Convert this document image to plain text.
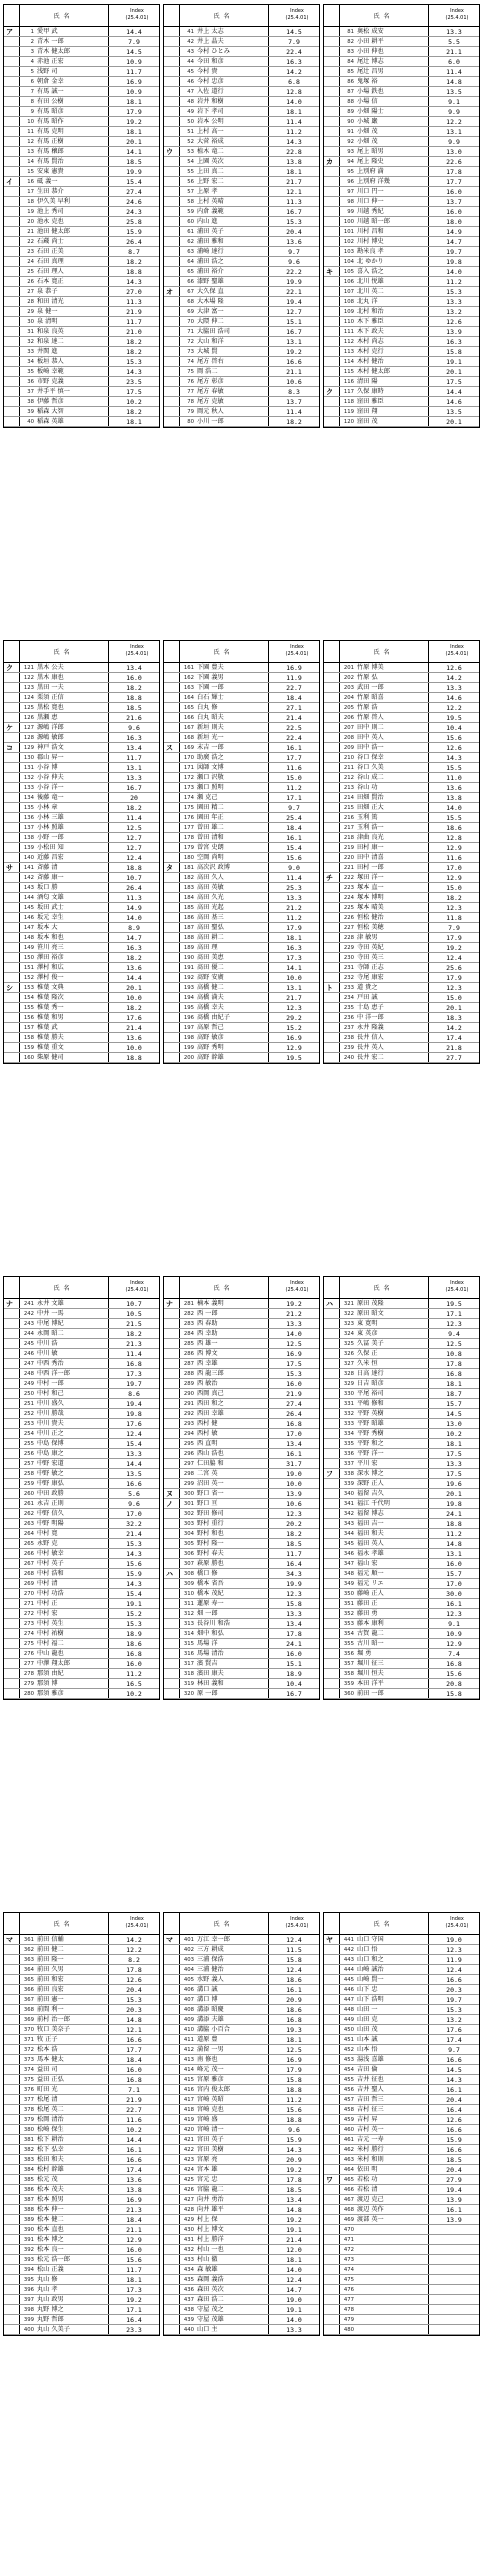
氏 名
Index
(25.4.01)
ア	1 愛甲 武	14.4
2 青木 一郎	7.9
3 青木 健太郎	14.5
4 赤池 正宏	10.9
5 浅野 司	11.7
6 朝倉 金幸	16.9
7 有馬 誠一	10.9
8 有田 公樹	18.1
9 有馬 昭彦	17.9
10 有馬 昭作	19.2
11 有馬 克明	18.1
12 有馬 正樹	20.1
13 有馬 穣郎	14.1
14 有馬 賢治	18.5
15 安東 憲貴	19.9
イ	16 砥 義一	15.4
17 生田 恭介	27.4
18 伊久美 早利	24.6
19 池上 秀司	24.3
20 池永 克也	25.8
21 池田 健太郎	15.9
22 石蔵 尚士	26.4
23 石田 正美	8.7
24 石田 真理	18.2
25 石田 理人	18.8
26 石本 寛正	14.3
27 泉 恭子	27.0
28 和田 清光	11.3
29 泉 健一	21.9
30 泉 清明	11.7
31 和泉 良英	21.0
32 和泉 達二	18.2
33 井関 進	18.2
34 板垣 恭人	15.3
35 板崎 幸範	14.3
36 市野 克義	23.5
37 井手平 慎一	17.5
38 伊藤 哲彦	10.2
39 稲森 大智	18.2
40 稲森 英雄	18.1
氏 名
Index
(25.4.01)
41 井上 太志	14.5
42 井上 晶夫	7.9
43 今村 ひとみ	22.4
44 今田 和彦	16.3
45 今村 貴	14.2
46 今村 忠彦	6.8
47 入佐 道行	12.8
48 岩井 和樹	14.0
49 岩下 孝司	18.1
50 岩本 公明	11.4
51 上村 高一	11.2
52 大菅 裕成	14.3
ウ	53 植木 竜二	22.8
54 上園 英次	13.8
55 上田 真二	18.1
56 上野 宏二	21.7
57 上原 孝	12.1
58 上村 英晴	11.3
59 内倉 義範	16.7
60 内山 進	15.3
61 浦田 英子	20.4
62 浦田 雅和	13.6
63 浦崎 達行	9.7
64 浦田 浩之	9.6
65 浦田 裕介	22.2
66 漆野 聖雄	19.9
オ	67 大久保 直	22.1
68 大木場 隆	19.4
69 大津 富一	12.7
70 大隈 伸二	15.1
71 大脇田 浩司	16.7
72 大山 和洋	13.1
73 大城 賢	19.2
74 尾方 啓右	16.6
75 岡 浩二	21.1
76 尾方 彰彦	10.6
77 尾方 春敏	8.3
78 尾方 克敏	13.7
79 岡元 秋人	11.4
80 小川 一郎	18.2
氏 名
Index
(25.4.01)
81 奥松 成安	13.3
82 小田 耕平	5.5
83 小田 伸也	21.1
84 尾辻 博志	6.0
85 尾辻 昌男	11.4
86 鬼塚 裕	14.8
87 小場 鉄也	13.5
88 小場 信	9.1
89 小畑 陽士	9.9
90 小城 巌	12.2
91 小畑 茂	13.1
92 小畑 茂	9.9
93 尾上 昭男	13.0
カ	94 尾上 隆史	22.6
95 上別府 満	17.8
96 上別府 洋幾	17.7
97 川口 円一	16.0
98 川口 伸一	13.7
99 川越 秀紀	16.0
100 川越 昭一郎	18.0
101 川村 昌和	14.9
102 川村 博史	14.7
103 勘米良 孝	19.7
104 北 ゆかり	19.8
キ	105 喜入 浩之	14.0
106 北川 悦雄	11.2
107 北川 英二	15.3
108 北丸 洋	13.3
109 北村 和治	13.2
110 木下 雅臣	12.6
111 木下 政夫	13.9
112 木村 尚志	16.3
113 木村 克行	15.8
114 木村 健治	19.1
115 木村 健太郎	20.1
116 清田 陽	17.5
ク	117 久保 康時	14.4
118 窪田 雅臣	14.6
119 窪田 翔	13.5
120 窪田 茂	20.1
氏 名
Index
(25.4.01)
ク	121 黒木 公夫	13.4
122 黒木 康也	16.0
123 黒田 一夫	18.2
124 栗須 正信	18.8
125 黒松 寛也	18.5
126 黒瀬 恵	21.6
ケ	127 源嶋 洋郎	9.6
128 源嶋 敏郎	16.3
コ	129 神戸 浩文	13.4
130 郡山 昇一	11.7
131 小谷 博	13.1
132 小谷 伸夫	13.3
133 小谷 洋一	16.7
134 後藤 竜一	20
135 小林 章	18.2
136 小林 三雄	11.4
137 小林 照雄	12.5
138 小野 一郎	12.7
139 小松田 知	12.7
140 近藤 昌宏	12.4
サ	141 斉藤 清	18.8
142 斉藤 康一	10.7
143 坂口 勝	26.4
144 酒匂 文雄	11.3
145 坂田 武士	14.9
146 坂元 幸生	14.0
147 坂本 大	8.9
148 坂本 和也	14.7
149 笹川 亮三	16.3
150 澤田 裕彦	18.2
151 澤村 和広	13.6
152 澤村 俊一	14.4
シ	153 椎葉 文典	20.1
154 椎葉 隆次	10.0
155 椎葉 秀一	18.2
156 椎葉 和男	17.6
157 椎葉 武	21.4
158 椎葉 勝夫	13.6
159 椎葉 重文	10.0
160 柴原 健司	18.8
氏 名
Index
(25.4.01)
161 下園 豊夫	16.9
162 下園 義男	11.9
163 下園 一郎	22.7
164 白石 輝士	18.4
165 白丸 修	27.1
166 白丸 昭夫	21.4
167 新垣 則夫	22.5
168 新垣 光一	22.4
ス	169 末吉 一郎	16.1
170 助廣 浩之	17.7
171 図師 文博	11.6
172 瀬口 沢敬	15.0
173 瀬口 照明	11.2
174 瀬 克己	17.1
175 園田 精二	9.7
176 園田 年正	25.4
177 曽田 雄二	18.4
178 曽田 清和	16.1
179 曽宮 史朗	15.4
180 空岡 尚明	15.6
タ	181 高次沢 政博	9.0
182 高田 久人	11.4
183 高田 英敏	25.3
184 高田 久光	13.3
185 高田 光起	21.2
186 高田 基三	11.2
187 高田 聖弘	17.9
188 高田 耕二	18.1
189 高田 理	16.3
190 髙田 美恵	17.3
191 髙田 優二	14.1
192 髙野 安廣	10.0
193 高橋 健二	13.1
194 高橋 満夫	21.7
195 高橋 幸夫	12.3
196 髙橋 由紀子	29.2
197 高原 哲己	15.2
198 高野 敏彦	16.9
199 高野 秀明	12.9
200 高野 幹雄	19.5
氏 名
Index
(25.4.01)
201 竹原 博美	12.6
202 竹原 弘	14.2
203 武田 一郎	13.3
204 竹原 昭喜	14.6
205 竹原 浩	12.2
206 竹原 啓人	19.5
207 田中 則二	10.4
208 田中 英人	15.6
209 田中 浩一	12.6
210 谷口 保幸	14.3
211 谷口 久美	15.5
212 谷山 成二	11.0
213 谷山 功	13.6
214 田畑 賢治	13.8
215 田畑 正大	14.0
216 玉利 篤	15.5
217 玉利 浩一	18.6
218 津曲 良光	12.8
219 田村 康一	12.9
220 田中 清喜	11.6
221 田村 一郎	17.0
チ	222 塚田 洋一	12.9
223 塚本 直一	15.0
224 塚本 博明	18.2
225 塚本 晴美	12.3
226 恒松 健治	11.8
227 恒松 美穂	7.9
228 津 敏男	17.9
229 寺田 英紀	19.2
230 寺田 英三	12.4
231 寺師 正志	25.6
232 寺尾 康宏	17.9
ト	233 道 貴之	12.3
234 戸田 誠	15.0
235 十島 恵子	20.1
236 中 洋一郎	18.3
237 永井 隆義	14.2
238 長井 信人	17.4
239 長井 英人	21.8
240 長井 宏二	27.7
氏 名
Index
(25.4.01)
ナ	241 永井 文雄	10.7
242 中井 一馬	10.5
243 中尾 博紀	21.5
244 永岡 昭二	18.2
245 中川 浩	21.3
246 中川 敏	11.4
247 中西 秀治	16.8
248 中西 洋一郎	17.3
249 中村 一郎	19.7
250 中村 和己	8.6
251 中川 盛久	19.4
252 中川 勝哉	19.8
253 中川 貴夫	17.6
254 中川 正之	12.4
255 中島 保博	15.4
256 中島 康之	13.3
257 中野 宏道	14.4
258 中野 敏之	13.5
259 中野 康弘	16.6
260 中田 政勝	5.6
261 永吉 正則	9.6
262 中野 信久	17.0
263 中野 明陽	32.2
264 中村 寛	21.4
265 永野 克	15.3
266 中村 敏幸	14.3
267 中村 英子	15.6
268 中村 浩和	15.9
269 中村 清	14.3
270 中村 功浩	15.4
271 中村 正	19.1
272 中村 宏	15.2
273 中村 英生	15.3
274 中村 祐樹	18.9
275 中村 福二	18.6
276 中山 龍也	16.8
277 中澤 翔太郎	16.0
278 那須 由紀	11.2
279 那須 博	16.5
280 那須 雅彦	10.2
氏 名
Index
(25.4.01)
ナ	281 楠本 義明	19.2
282 西 一郎	21.2
283 西 春助	13.3
284 西 幸助	14.0
285 西 雄一	12.5
286 西 博文	16.9
287 西 幸雄	17.5
288 西 龍三郎	15.3
289 西 敏治	16.0
290 西岡 真己	21.9
291 西田 和之	27.4
292 西田 幸雄	26.4
293 西村 健	16.8
294 西村 敏	17.0
295 西 直明	13.4
296 西山 浩也	16.1
297 仁田脇 和	31.7
298 二宮 英	19.0
299 沼田 英一	10.0
ヌ	300 野口 省一	13.9
ノ	301 野口 亘	10.6
302 野田 修司	12.3
303 野村 重行	20.2
304 野村 和也	18.2
305 野村 隆一	18.5
306 野村 春夫	11.7
307 萩原 勝也	16.4
ハ	308 橋口 修	34.3
309 橋本 省吾	19.9
310 橋本 茂紀	12.3
311 蓮原 寿一	15.8
312 畑 一郎	13.3
313 長谷川 和浩	13.4
314 畑中 和弘	17.8
315 馬場 洋	24.1
316 馬場 清治	16.0
317 濱 賢吉	15.1
318 濱田 康夫	18.9
319 林田 義和	10.4
320 原 一郎	16.7
氏 名
Index
(25.4.01)
ハ	321 原田 茂隆	19.5
322 原田 昭文	17.1
323 東 寛明	12.3
324 東 英彦	9.4
325 久冨 美子	12.5
326 久保 正	10.8
327 久米 恒	17.8
328 日高 達行	16.8
329 日吉 昭彦	18.1
330 平尾 裕司	18.7
331 平嶋 修和	15.7
332 平野 英樹	14.5
333 平野 昭雄	13.0
334 平野 秀樹	10.2
335 平野 和之	18.1
336 平野 洋一	17.5
337 平川 宏	13.3
フ	338 深水 博之	17.5
339 深野 正人	19.6
340 福留 吉久	20.1
341 福江 千代明	19.8
342 福留 博志	24.1
343 福田 吉一	18.8
344 福田 和夫	11.2
345 福田 英人	14.8
346 福永 孝雄	13.1
347 福山 宏	16.0
348 福元 順一	15.7
349 福元 リエ	17.0
350 藤崎 正人	30.0
351 藤田 正	16.1
352 藤田 勇	12.3
353 藤本 康利	9.1
354 古賀 龍二	10.9
355 古川 昭一	12.9
356 堀 勇	7.4
357 堀川 征三	16.8
358 堀川 恒夫	15.6
359 本田 洋平	20.8
360 前田 一郎	15.8
氏 名
Index
(25.4.01)
マ	361 前田 信輔	14.2
362 前田 健二	12.2
363 前田 隆一	8.2
364 前田 久男	17.8
365 前田 和宏	12.6
366 前田 良宏	20.4
367 前田 憲一	15.3
368 前間 利一	20.3
369 前村 治一郎	14.8
370 牧口 美奈子	12.1
371 牧 正子	16.6
372 松本 浩	17.7
373 馬本 健太	18.4
374 益田 司	16.0
375 益田 正弘	16.8
376 町田 光	7.1
377 松尾 清	21.9
378 松尾 英二	22.7
379 松岡 清治	11.6
380 松崎 保生	10.2
381 松下 耕治	14.4
382 松下 弘幸	16.1
383 松田 和夫	16.6
384 松村 幹雄	17.4
385 松元 茂	13.6
386 松本 茂夫	13.8
387 松本 照男	16.9
388 松本 伸一	21.3
389 松本 健二	18.4
390 松本 直也	21.1
391 松本 博之	12.9
392 松本 良一	16.0
393 松元 浩一郎	15.6
394 松山 正義	11.7
395 丸山 修	18.1
396 丸山 孝	17.3
397 丸山 政男	19.2
398 丸野 博之	17.1
399 丸野 哲郎	16.4
400 丸山 久美子	23.3
氏 名
Index
(25.4.01)
マ	401 万江 幸一郎	12.4
402 三方 耕成	11.5
403 三浦 保浩	15.8
404 三浦 健治	12.4
405 水野 義人	18.6
406 溝口 誠	16.1
407 溝口 博	20.9
408 溝添 昭慶	18.6
409 溝添 夫雄	16.8
410 溝脇 小百合	19.3
411 道原 豊	18.1
412 満留 一男	12.5
413 南 修也	16.9
414 峰元 茂一	17.9
415 宮原 雅彦	15.8
416 宮内 俊太郎	18.8
417 宮崎 英昭	11.2
418 宮崎 克也	15.6
419 宮崎 盛	18.8
420 宮崎 清一	9.6
421 宮田 英子	15.9
422 宮田 美樹	14.3
423 宮原 亮	20.9
424 宮本 雄	19.2
425 宮元 忠	17.8
426 宮脇 龍二	18.5
427 向井 勇治	13.4
428 向井 雄平	14.8
429 村上 保	19.2
430 村上 博文	19.1
431 村上 勝洋	21.4
432 村山 一也	12.0
433 村山 徹	18.1
434 森 敏雄	14.0
435 森岡 義浩	12.4
436 森田 英次	14.7
437 森田 浩二	19.0
438 守屋 茂之	19.1
439 守屋 茂雄	14.0
440 山口 主	13.3
氏 名
Index
(25.4.01)
ヤ	441 山口 守国	19.0
442 山口 悟	12.3
443 山口 和之	11.9
444 山崎 誠治	12.4
445 山崎 賢一	16.6
446 山下 忠	20.3
447 山下 浩明	19.7
448 山田 一	15.3
449 山田 克	13.2
450 山田 茂	17.6
451 山本 誠	17.4
452 山本 悟	9.7
453 湯浅 喜雄	16.6
454 吉田 倫	14.5
455 吉井 征也	14.3
456 吉井 聖人	16.1
457 吉田 哲三	20.4
458 吉村 征三	16.4
459 吉村 昇	12.6
460 吉村 英一	16.6
461 吉元 一寿	15.9
462 米村 勝行	16.6
463 米村 和則	18.5
464 依田 明	20.4
ワ	465 若松 功	27.9
466 若松 清	19.4
467 渡辺 克己	13.9
468 渡辺 英作	16.1
469 渡部 英一	13.9
470
471
472
473
474
475
476
477
478
479
480
